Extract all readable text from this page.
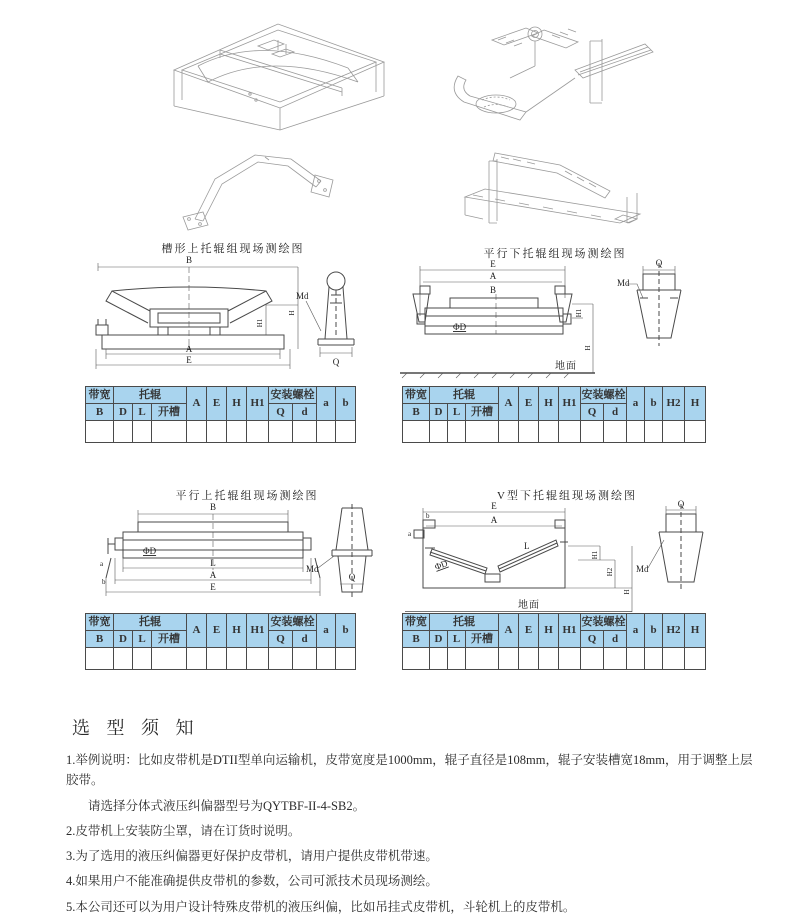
槽形上托辊组现场测绘图
B
H
H1
A
E	Q
Md
平行下托辊组现场测绘图
E
A
B
ΦD
H1
H
地面
Q
Md
带宽	托辊			A	E	H	H1	安装螺栓		a	b
B	D	L	开槽					Q	d		

带宽	托辊			A	E	H	H1	安装螺栓		a	b	H2	H
B	D	L	开槽					Q	d				

平行上托辊组现场测绘图
B
ΦD
a
b
L
A
E
Q
Md
V型下托辊组现场测绘图
E
A
b
a
L
ΦD
H1
H2
H
地面
Q
Md
带宽	托辊			A	E	H	H1	安装螺栓		a	b
B	D	L	开槽					Q	d		

带宽	托辊			A	E	H	H1	安装螺栓		a	b	H2	H
B	D	L	开槽					Q	d				

选 型 须 知
1.举例说明：比如皮带机是DTII型单向运输机，皮带宽度是1000mm，辊子直径是108mm，辊子安装槽宽18mm，用于调整上层胶带。
请选择分体式液压纠偏器型号为QYTBF-II-4-SB2。
2.皮带机上安装防尘罩，请在订货时说明。
3.为了选用的液压纠偏器更好保护皮带机，请用户提供皮带机带速。
4.如果用户不能准确提供皮带机的参数，公司可派技术员现场测绘。
5.本公司还可以为用户设计特殊皮带机的液压纠偏，比如吊挂式皮带机，斗轮机上的皮带机。
